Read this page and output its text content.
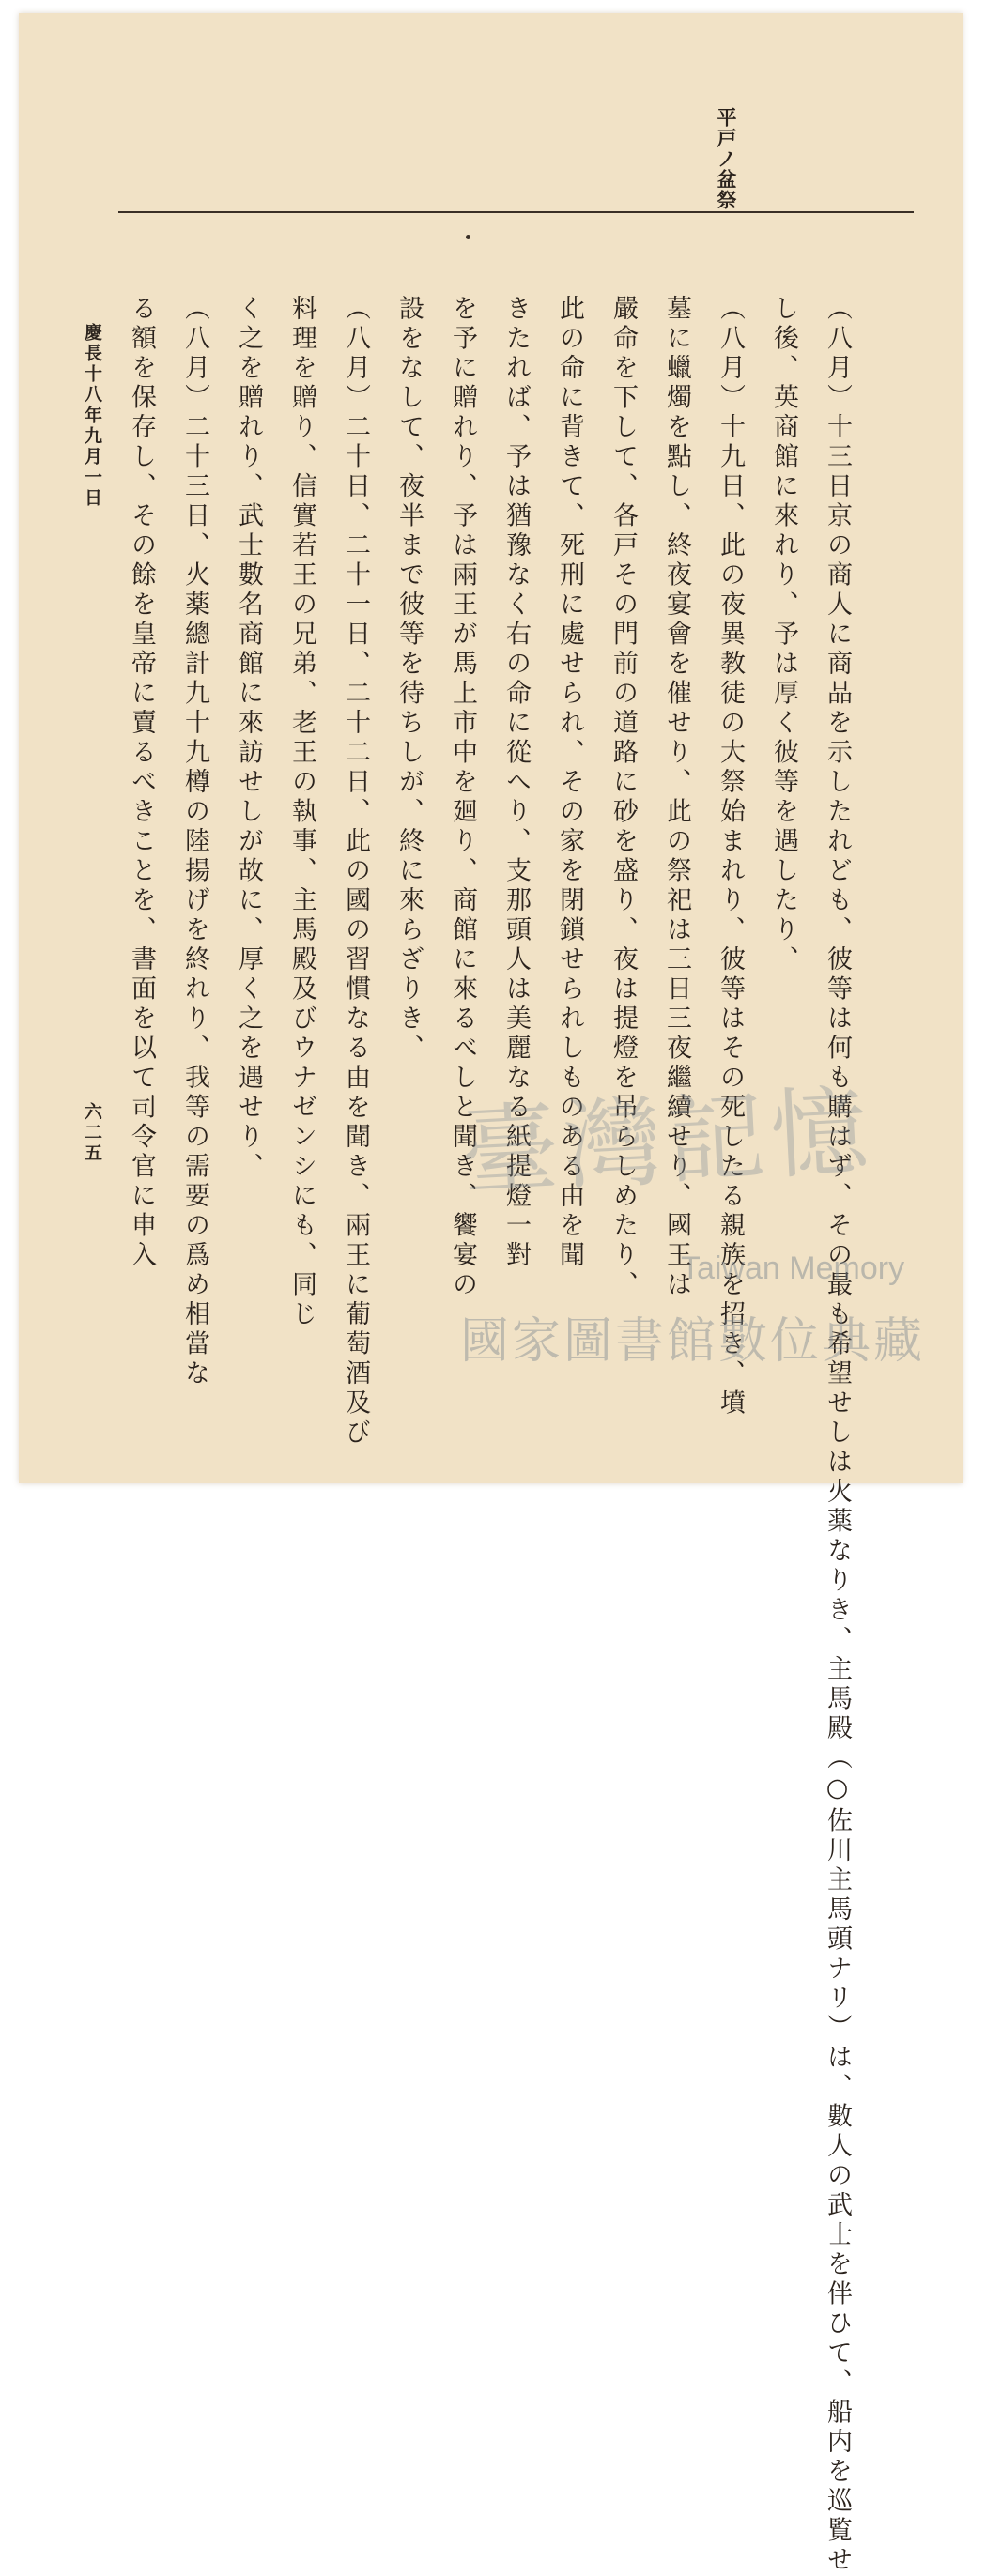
平戸ノ盆祭
（八月）十三日京の商人に商品を示したれども、彼等は何も購はず、その最も希望せしは火薬なりき、主馬殿（○佐川主馬頭ナリ）は、數人の武士を伴ひて、船内を巡覧せ
し後、英商館に來れり、予は厚く彼等を遇したり、
（八月）十九日、此の夜異教徒の大祭始まれり、彼等はその死したる親族を招き、墳
墓に蠟燭を點し、終夜宴會を催せり、此の祭祀は三日三夜繼續せり、國王は
嚴命を下して、各戸その門前の道路に砂を盛り、夜は提燈を吊らしめたり、
此の命に背きて、死刑に處せられ、その家を閉鎖せられしものある由を聞
きたれば、予は猶豫なく右の命に從へり、支那頭人は美麗なる紙提燈一對
を予に贈れり、予は兩王が馬上市中を廻り、商館に來るべしと聞き、饗宴の
設をなして、夜半まで彼等を待ちしが、終に來らざりき、
（八月）二十日、二十一日、二十二日、此の國の習慣なる由を聞き、兩王に葡萄酒及び
料理を贈り、信實若王の兄弟、老王の執事、主馬殿及びウナゼンシにも、同じ
く之を贈れり、武士數名商館に來訪せしが故に、厚く之を遇せり、
（八月）二十三日、火薬總計九十九樽の陸揚げを終れり、我等の需要の爲め相當な
る額を保存し、その餘を皇帝に賣るべきことを、書面を以て司令官に申入
慶長十八年九月一日
六二五	臺灣記憶
Taiwan Memory
國家圖書館數位典藏
